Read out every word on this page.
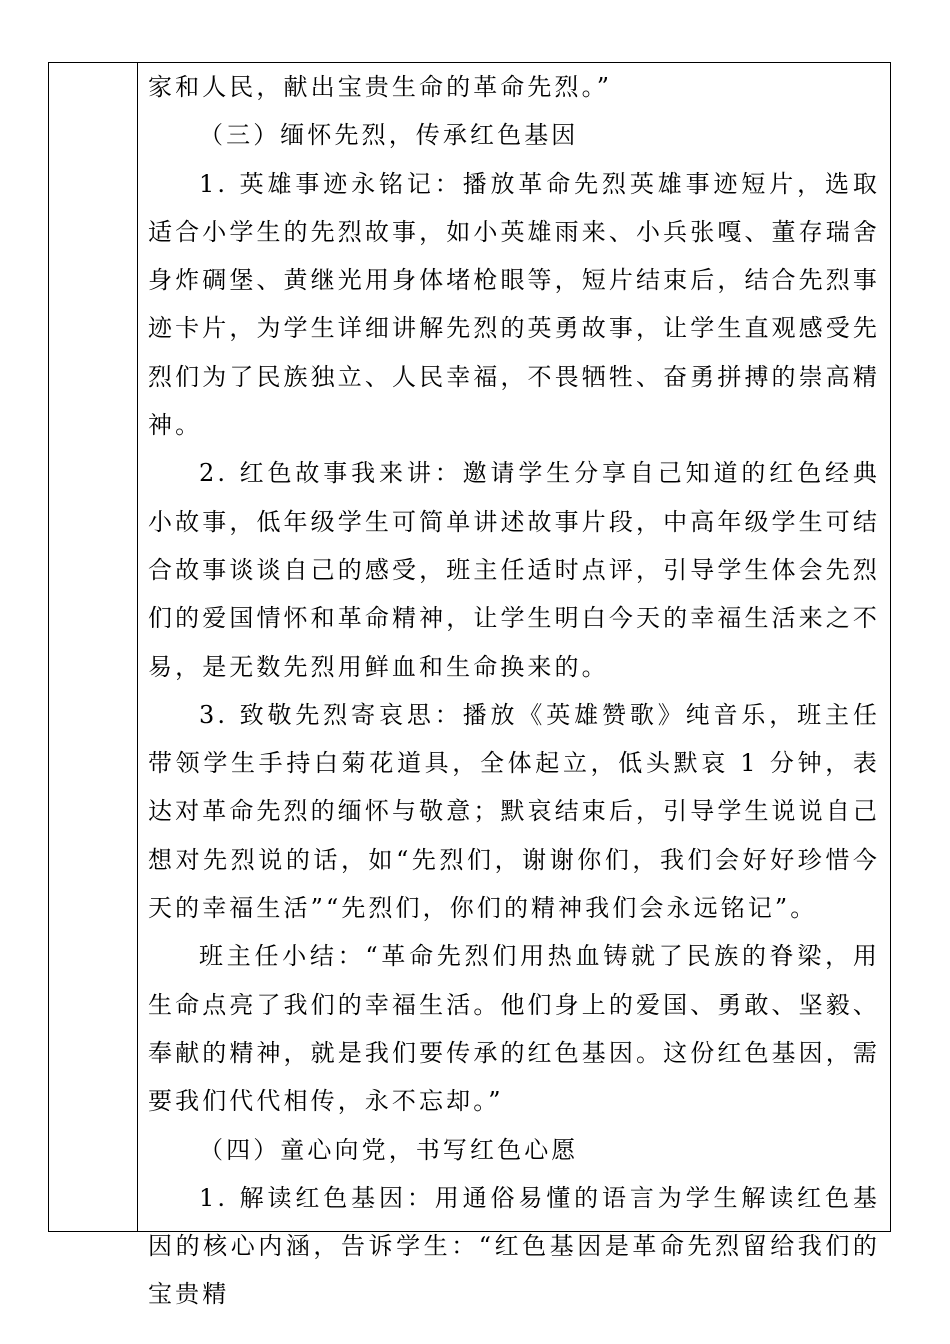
家和人民，献出宝贵生命的革命先烈。”

（三）缅怀先烈，传承红色基因

1. 英雄事迹永铭记：播放革命先烈英雄事迹短片，选取适合小学生的先烈故事，如小英雄雨来、小兵张嘎、董存瑞舍身炸碉堡、黄继光用身体堵枪眼等，短片结束后，结合先烈事迹卡片，为学生详细讲解先烈的英勇故事，让学生直观感受先烈们为了民族独立、人民幸福，不畏牺牲、奋勇拼搏的崇高精神。

2. 红色故事我来讲：邀请学生分享自己知道的红色经典小故事，低年级学生可简单讲述故事片段，中高年级学生可结合故事谈谈自己的感受，班主任适时点评，引导学生体会先烈们的爱国情怀和革命精神，让学生明白今天的幸福生活来之不易，是无数先烈用鲜血和生命换来的。

3. 致敬先烈寄哀思：播放《英雄赞歌》纯音乐，班主任带领学生手持白菊花道具，全体起立，低头默哀 1 分钟，表达对革命先烈的缅怀与敬意；默哀结束后，引导学生说说自己想对先烈说的话，如“先烈们，谢谢你们，我们会好好珍惜今天的幸福生活”“先烈们，你们的精神我们会永远铭记”。

班主任小结：“革命先烈们用热血铸就了民族的脊梁，用生命点亮了我们的幸福生活。他们身上的爱国、勇敢、坚毅、奉献的精神，就是我们要传承的红色基因。这份红色基因，需要我们代代相传，永不忘却。”

（四）童心向党，书写红色心愿

1. 解读红色基因：用通俗易懂的语言为学生解读红色基因的核心内涵，告诉学生：“红色基因是革命先烈留给我们的宝贵精
